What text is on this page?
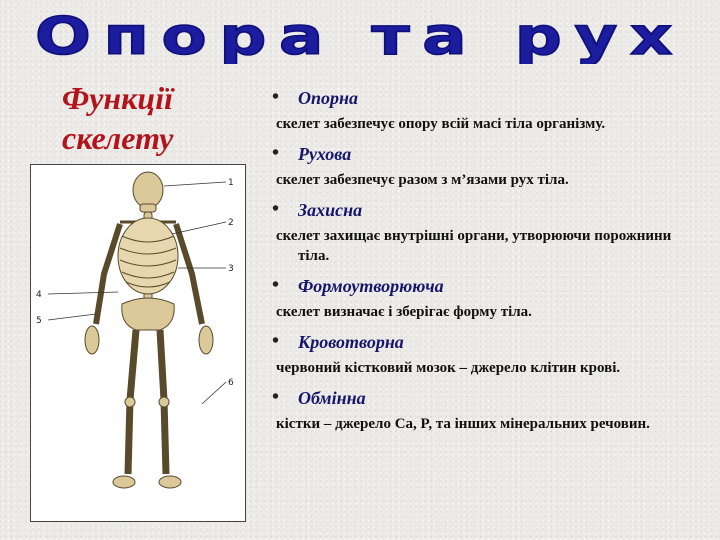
Опора та рух
Функції
скелету
1
2
3
4
5
6
• Опорна
скелет забезпечує опору всій масі тіла організму.
• Рухова
скелет забезпечує разом з м’язами рух тіла.
• Захисна
скелет захищає внутрішні органи, утворюючи порожнини тіла.
• Формоутворююча
скелет визначає і зберігає форму тіла.
• Кровотворна
червоний кістковий мозок – джерело клітин крові.
• Обмінна
кістки – джерело Ca, P, та інших мінеральних речовин.
